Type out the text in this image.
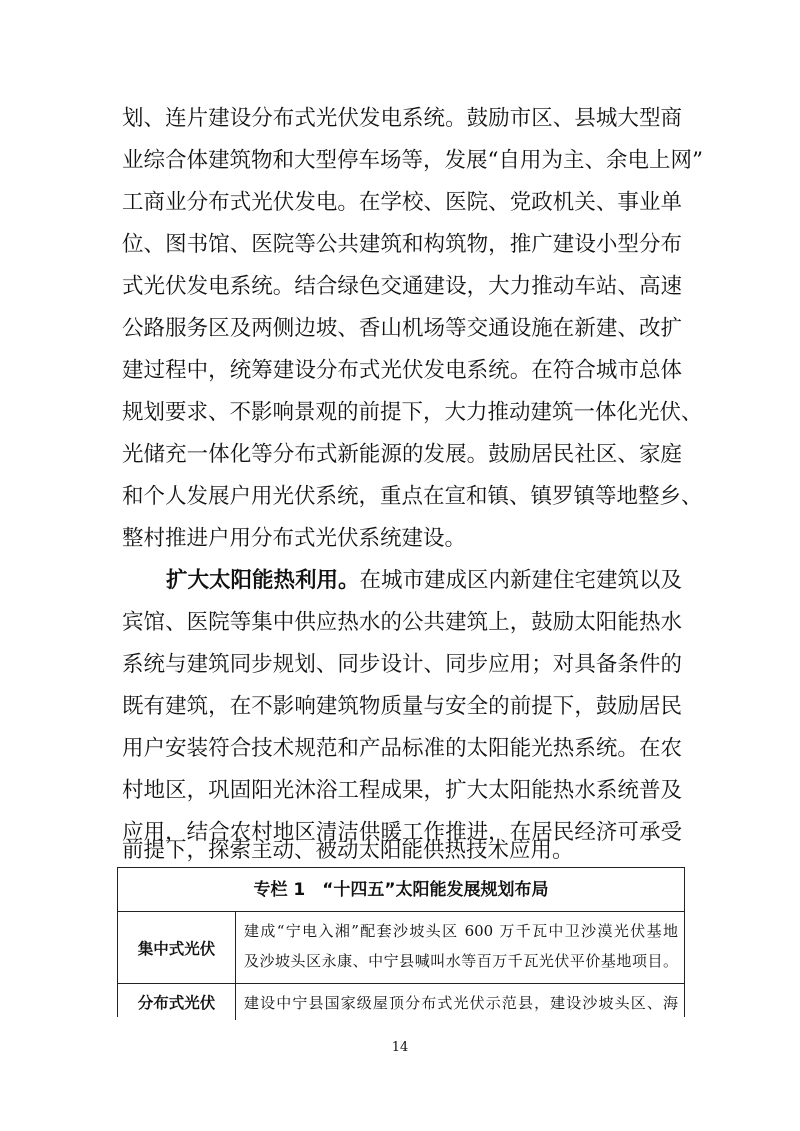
划、连片建设分布式光伏发电系统。鼓励市区、县城大型商
业综合体建筑物和大型停车场等，发展“自用为主、余电上网”
工商业分布式光伏发电。在学校、医院、党政机关、事业单
位、图书馆、医院等公共建筑和构筑物，推广建设小型分布
式光伏发电系统。结合绿色交通建设，大力推动车站、高速
公路服务区及两侧边坡、香山机场等交通设施在新建、改扩
建过程中，统筹建设分布式光伏发电系统。在符合城市总体
规划要求、不影响景观的前提下，大力推动建筑一体化光伏、
光储充一体化等分布式新能源的发展。鼓励居民社区、家庭
和个人发展户用光伏系统，重点在宣和镇、镇罗镇等地整乡、
整村推进户用分布式光伏系统建设。
扩大太阳能热利用。在城市建成区内新建住宅建筑以及
宾馆、医院等集中供应热水的公共建筑上，鼓励太阳能热水
系统与建筑同步规划、同步设计、同步应用；对具备条件的
既有建筑，在不影响建筑物质量与安全的前提下，鼓励居民
用户安装符合技术规范和产品标准的太阳能光热系统。在农
村地区，巩固阳光沐浴工程成果，扩大太阳能热水系统普及
应用，结合农村地区清洁供暖工作推进，在居民经济可承受
前提下，探索主动、被动太阳能供热技术应用。
专栏 1　“十四五”太阳能发展规划布局
集中式光伏
建成“宁电入湘”配套沙坡头区 600 万千瓦中卫沙漠光伏基地
及沙坡头区永康、中宁县喊叫水等百万千瓦光伏平价基地项目。
分布式光伏	建设中宁县国家级屋顶分布式光伏示范县，建设沙坡头区、海
14
